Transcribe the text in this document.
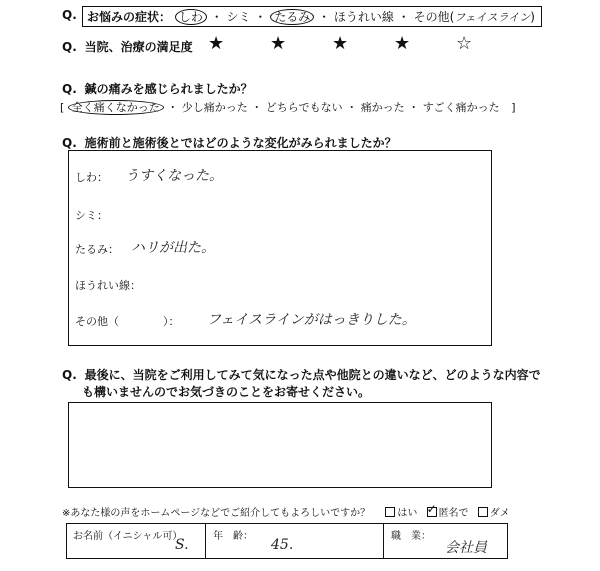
Q. お悩みの症状： しわ ・ シミ ・ たるみ ・ ほうれい線 ・ その他(フェイスライン)
Q. 当院、治療の満足度 ★	★	★	★	☆
Q. 鍼の痛みを感じられましたか？
[ 全く痛くなかった ・ 少し痛かった ・ どちらでもない ・ 痛かった ・ すごく痛かった ]
Q. 施術前と施術後とではどのような変化がみられましたか？
しわ： うすくなった。
シミ：
たるみ： ハリが出た。
ほうれい線：
その他（　　　　）： フェイスラインがはっきりした。
Q. 最後に、当院をご利用してみて気になった点や他院との違いなど、どのような内容で
も構いませんのでお気づきのことをお寄せください。
※あなた様の声をホームページなどでご紹介してもよろしいですか？	はい ✓ 匿名で ダメ
お名前（イニシャル可）
S.
年　齢：
45.
職　業：
会社員
